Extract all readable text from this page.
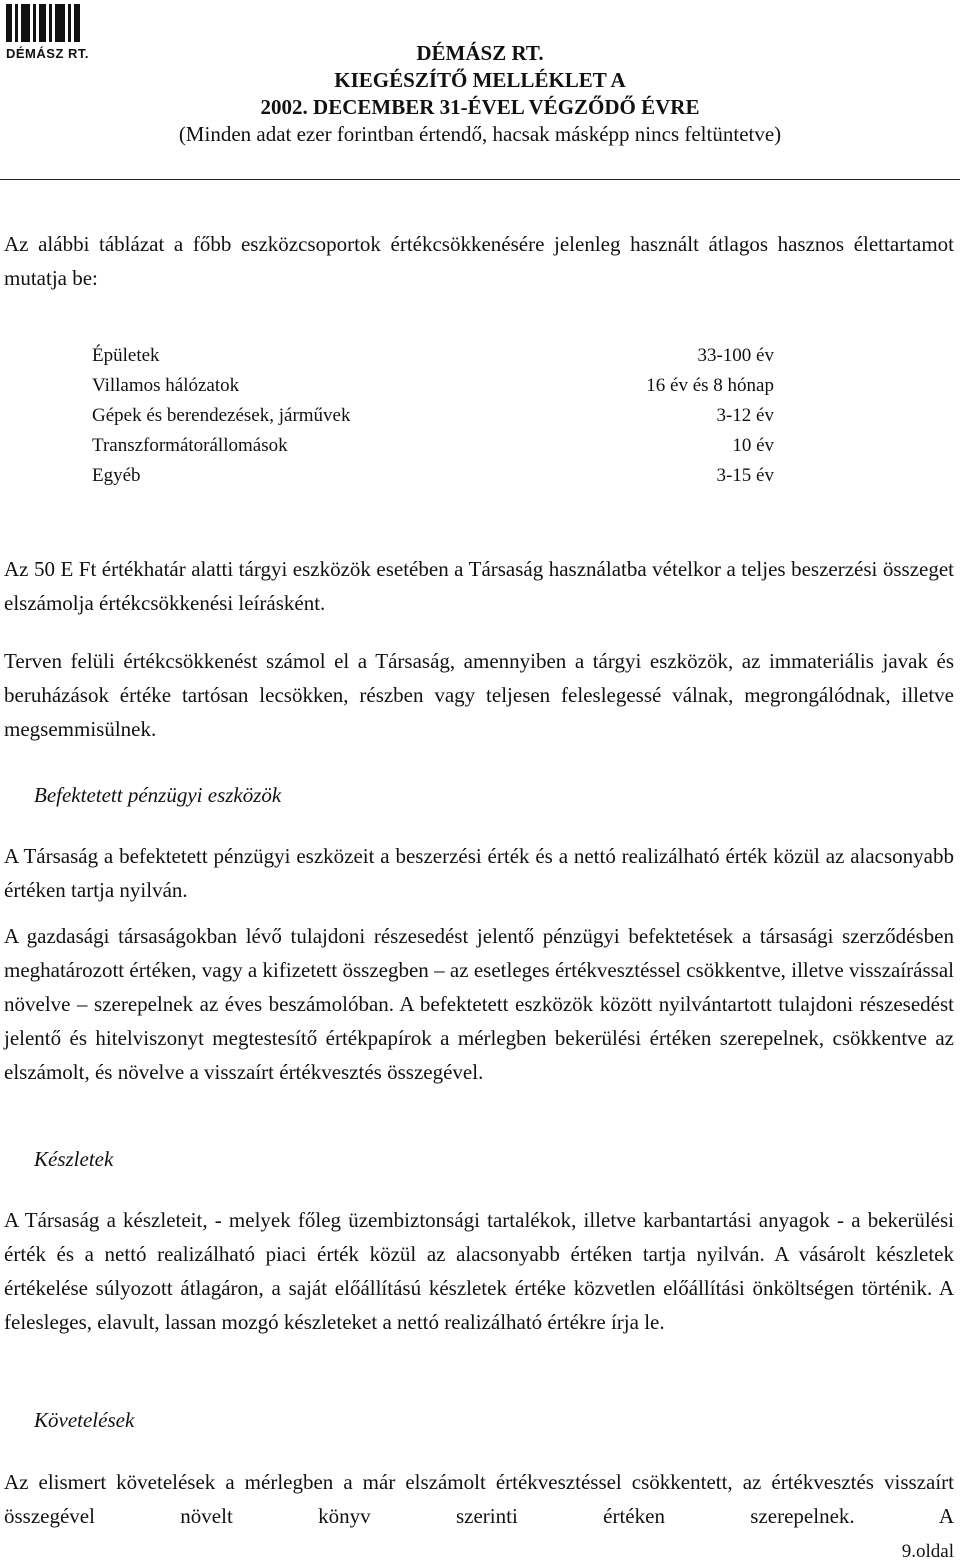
DÉMÁSZ RT.	DÉMÁSZ RT.
KIEGÉSZÍTŐ MELLÉKLET A
2002. DECEMBER 31-ÉVEL VÉGZŐDŐ ÉVRE
(Minden adat ezer forintban értendő, hacsak másképp nincs feltüntetve)

Az alábbi táblázat a főbb eszközcsoportok értékcsökkenésére jelenleg használt átlagos hasznos élettartamot mutatja be:

Épületek	33-100 év
Villamos hálózatok	16 év és 8 hónap
Gépek és berendezések, járművek	3-12 év
Transzformátorállomások	10 év
Egyéb	3-15 év

Az 50 E Ft értékhatár alatti tárgyi eszközök esetében a Társaság használatba vételkor a teljes beszerzési összeget elszámolja értékcsökkenési leírásként.

Terven felüli értékcsökkenést számol el a Társaság, amennyiben a tárgyi eszközök, az immateriális javak és beruházások értéke tartósan lecsökken, részben vagy teljesen feleslegessé válnak, megrongálódnak, illetve megsemmisülnek.

Befektetett pénzügyi eszközök

A Társaság a befektetett pénzügyi eszközeit a beszerzési érték és a nettó realizálható érték közül az alacsonyabb értéken tartja nyilván.

A gazdasági társaságokban lévő tulajdoni részesedést jelentő pénzügyi befektetések a társasági szerződésben meghatározott értéken, vagy a kifizetett összegben – az esetleges értékvesztéssel csökkentve, illetve visszaírással növelve – szerepelnek az éves beszámolóban. A befektetett eszközök között nyilvántartott tulajdoni részesedést jelentő és hitelviszonyt megtestesítő értékpapírok a mérlegben bekerülési értéken szerepelnek, csökkentve az elszámolt, és növelve a visszaírt értékvesztés összegével.

Készletek

A Társaság a készleteit, - melyek főleg üzembiztonsági tartalékok, illetve karbantartási anyagok - a bekerülési érték és a nettó realizálható piaci érték közül az alacsonyabb értéken tartja nyilván. A vásárolt készletek értékelése súlyozott átlagáron, a saját előállítású készletek értéke közvetlen előállítási önköltségen történik. A felesleges, elavult, lassan mozgó készleteket a nettó realizálható értékre írja le.

Követelések

Az elismert követelések a mérlegben a már elszámolt értékvesztéssel csökkentett, az értékvesztés visszaírt összegével növelt könyv szerinti értéken szerepelnek. A

9.oldal
